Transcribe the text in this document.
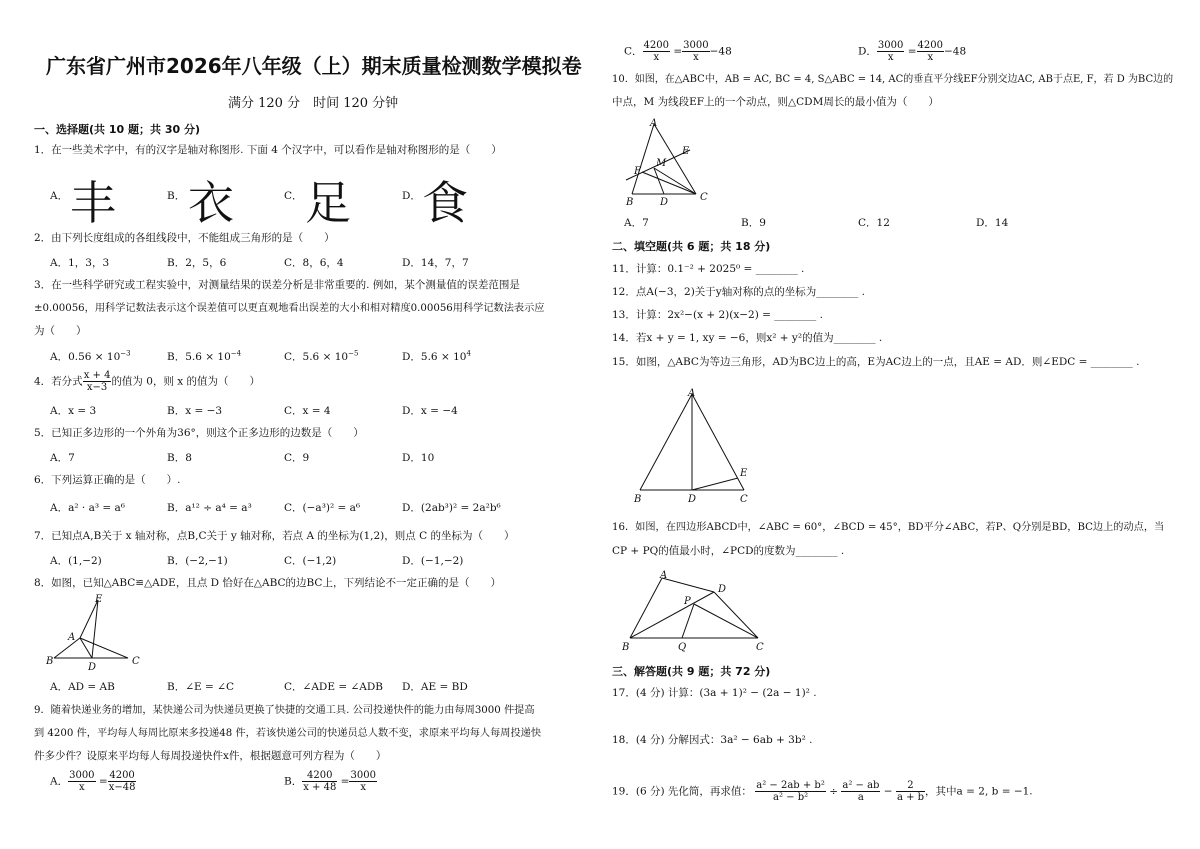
广东省广州市2026年八年级（上）期末质量检测数学模拟卷
满分 120 分　时间 120 分钟
一、选择题(共 10 题；共 30 分)
1．在一些美术字中，有的汉字是轴对称图形. 下面 4 个汉字中，可以看作是轴对称图形的是（　　）
A． 丰	B． 衣	C． 足	D． 食
2．由下列长度组成的各组线段中，不能组成三角形的是（　　）
A．1，3，3	B．2，5，6	C．8，6，4	D．14，7，7
3．在一些科学研究或工程实验中，对测量结果的误差分析是非常重要的. 例如，某个测量值的误差范围是
±0.00056，用科学记数法表示这个误差值可以更直观地看出误差的大小和相对精度0.00056用科学记数法表示应
为（　　）
A．$0.56 \times 10^{-3}$	B．$5.6 \times 10^{-4}$	C．$5.6 \times 10^{-5}$	D．$5.6 \times 10^4$
4．若分式 $\frac{x + 4}{x-3}$ 的值为 0，则 x 的值为（　　）
A．x = 3	B．x = −3	C．x = 4	D．x = −4
5．已知正多边形的一个外角为36°，则这个正多边形的边数是（　　）
A．7	B．8	C．9	D．10
6．下列运算正确的是（　　）.
A．a² · a³ = a⁶	B．a¹² ÷ a⁴ = a³	C．(−a³)² = a⁶	D．(2ab³)² = 2a²b⁶
7．已知点A,B关于 x 轴对称，点B,C关于 y 轴对称，若点 A 的坐标为(1,2)，则点 C 的坐标为（　　）
A．(1,−2)	B．(−2,−1)	C．(−1,2)	D．(−1,−2)
8．如图，已知△ABC≌△ADE，且点 D 恰好在△ABC的边BC上，下列结论不一定正确的是（　　）
E
A
B
D
C
A．AD = AB	B．∠E = ∠C	C．∠ADE = ∠ADB D．AE = BD
9．随着快递业务的增加，某快递公司为快递员更换了快捷的交通工具. 公司投递快件的能力由每周3000 件提高
到 4200 件，平均每人每周比原来多投递48 件，若该快递公司的快递员总人数不变，求原来平均每人每周投递快
件多少件？设原来平均每人每周投递快件x件，根据题意可列方程为（　　）
A． $\frac{3000}{x} = \frac{4200}{x-48}$	B． $\frac{4200}{x + 48} = \frac{3000}{x}$
C． $\frac{4200}{x} = \frac{3000}{x} -48$	D． $\frac{3000}{x} = \frac{4200}{x} -48$
10．如图，在△ABC中，AB = AC, BC = 4, S△ABC = 14, AC的垂直平分线EF分别交边AC, AB于点E, F，若 D 为BC边的
中点，M 为线段EF上的一个动点，则△CDM周长的最小值为（　　）
A
E
M
F
B	D	C
A．7	B．9	C．12	D．14
二、填空题(共 6 题；共 18 分)
11．计算：0.1⁻² + 2025⁰ = ________ .
12．点A(−3，2)关于y轴对称的点的坐标为________ .
13．计算：2x²−(x + 2)(x−2) = ________ .
14．若x + y = 1, xy = −6，则x² + y²的值为________ .
15．如图，△ABC为等边三角形，AD为BC边上的高，E为AC边上的一点，且AE = AD．则∠EDC = ________ .
A
B	D	C
E
16．如图，在四边形ABCD中，∠ABC = 60°，∠BCD = 45°，BD平分∠ABC，若P、Q分别是BD，BC边上的动点，当
CP + PQ的值最小时，∠PCD的度数为________ .
A
D
P
B	Q	C
三、解答题(共 9 题；共 72 分)
17．(4 分) 计算：(3a + 1)² − (2a − 1)² .
18．(4 分) 分解因式：3a² − 6ab + 3b² .
19．(6 分) 先化简，再求值： $\frac{\text{a² − 2ab + b²}}{\text{a² − b²}} \div \frac{\text{a² − ab}}{a} - \frac{2}{a + b}$ ，其中a = 2, b = −1.
